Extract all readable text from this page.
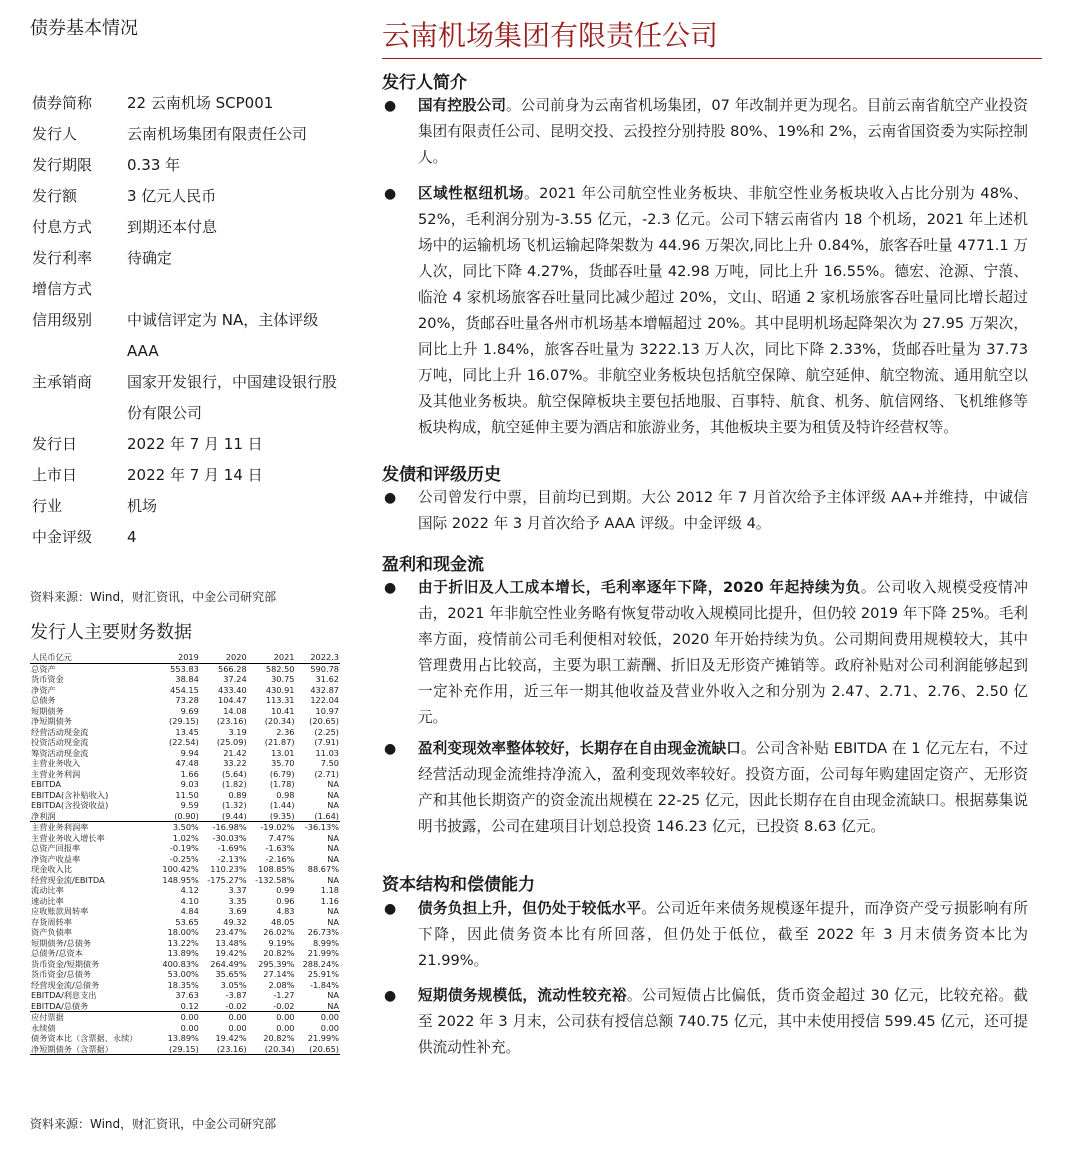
债券基本情况
债券简称	22 云南机场 SCP001
发行人	云南机场集团有限责任公司
发行期限	0.33 年
发行额	3 亿元人民币
付息方式	到期还本付息
发行利率	待确定
增信方式	
信用级别	中诚信评定为 NA，主体评级 AAA
主承销商	国家开发银行，中国建设银行股份有限公司
发行日	2022 年 7 月 11 日
上市日	2022 年 7 月 14 日
行业	机场
中金评级	4
资料来源：Wind，财汇资讯，中金公司研究部
发行人主要财务数据
人民币亿元	2019	2020	2021	2022.3
总资产	553.83	566.28	582.50	590.78
货币资金	38.84	37.24	30.75	31.62
净资产	454.15	433.40	430.91	432.87
总债务	73.28	104.47	113.31	122.04
短期债务	9.69	14.08	10.41	10.97
净短期债务	(29.15)	(23.16)	(20.34)	(20.65)
经营活动现金流	13.45	3.19	2.36	(2.25)
投资活动现金流	(22.54)	(25.09)	(21.87)	(7.91)
筹资活动现金流	9.94	21.42	13.01	11.03
主营业务收入	47.48	33.22	35.70	7.50
主营业务利润	1.66	(5.64)	(6.79)	(2.71)
EBITDA	9.03	(1.82)	(1.78)	NA
EBITDA(含补贴收入)	11.50	0.89	0.98	NA
EBITDA(含投资收益)	9.59	(1.32)	(1.44)	NA
净利润	(0.90)	(9.44)	(9.35)	(1.64)
主营业务利润率	3.50%	-16.98%	-19.02%	-36.13%
主营业务收入增长率	1.02%	-30.03%	7.47%	NA
总资产回报率	-0.19%	-1.69%	-1.63%	NA
净资产收益率	-0.25%	-2.13%	-2.16%	NA
现金收入比	100.42%	110.23%	108.85%	88.67%
经营现金流/EBITDA	148.95%	-175.27%	-132.58%	NA
流动比率	4.12	3.37	0.99	1.18
速动比率	4.10	3.35	0.96	1.16
应收账款周转率	4.84	3.69	4.83	NA
存货周转率	53.65	49.32	48.05	NA
资产负债率	18.00%	23.47%	26.02%	26.73%
短期债务/总债务	13.22%	13.48%	9.19%	8.99%
总债务/总资本	13.89%	19.42%	20.82%	21.99%
货币资金/短期债务	400.83%	264.49%	295.39%	288.24%
货币资金/总债务	53.00%	35.65%	27.14%	25.91%
经营现金流/总债务	18.35%	3.05%	2.08%	-1.84%
EBITDA/利息支出	37.63	-3.87	-1.27	NA
EBITDA/总债务	0.12	-0.02	-0.02	NA
应付票据	0.00	0.00	0.00	0.00
永续债	0.00	0.00	0.00	0.00
债务资本比（含票据、永续）	13.89%	19.42%	20.82%	21.99%
净短期债务（含票据）	(29.15)	(23.16)	(20.34)	(20.65)
资料来源：Wind，财汇资讯，中金公司研究部
云南机场集团有限责任公司
发行人简介
● 国有控股公司。公司前身为云南省机场集团，07 年改制并更为现名。目前云南省航空产业投资集团有限责任公司、昆明交投、云投控分别持股 80%、19%和 2%，云南省国资委为实际控制人。
● 区域性枢纽机场。2021 年公司航空性业务板块、非航空性业务板块收入占比分别为 48%、52%，毛利润分别为-3.55 亿元，-2.3 亿元。公司下辖云南省内 18 个机场，2021 年上述机场中的运输机场飞机运输起降架数为 44.96 万架次,同比上升 0.84%，旅客吞吐量 4771.1 万人次，同比下降 4.27%，货邮吞吐量 42.98 万吨，同比上升 16.55%。德宏、沧源、宁蒗、临沧 4 家机场旅客吞吐量同比减少超过 20%，文山、昭通 2 家机场旅客吞吐量同比增长超过 20%，货邮吞吐量各州市机场基本增幅超过 20%。其中昆明机场起降架次为 27.95 万架次，同比上升 1.84%，旅客吞吐量为 3222.13 万人次，同比下降 2.33%，货邮吞吐量为 37.73 万吨，同比上升 16.07%。非航空业务板块包括航空保障、航空延伸、航空物流、通用航空以及其他业务板块。航空保障板块主要包括地服、百事特、航食、机务、航信网络、飞机维修等板块构成，航空延伸主要为酒店和旅游业务，其他板块主要为租赁及特许经营权等。
发债和评级历史
● 公司曾发行中票，目前均已到期。大公 2012 年 7 月首次给予主体评级 AA+并维持，中诚信国际 2022 年 3 月首次给予 AAA 评级。中金评级 4。
盈利和现金流
● 由于折旧及人工成本增长，毛利率逐年下降，2020 年起持续为负。公司收入规模受疫情冲击，2021 年非航空性业务略有恢复带动收入规模同比提升，但仍较 2019 年下降 25%。毛利率方面，疫情前公司毛利便相对较低，2020 年开始持续为负。公司期间费用规模较大，其中管理费用占比较高，主要为职工薪酬、折旧及无形资产摊销等。政府补贴对公司利润能够起到一定补充作用，近三年一期其他收益及营业外收入之和分别为 2.47、2.71、2.76、2.50 亿元。
● 盈利变现效率整体较好，长期存在自由现金流缺口。公司含补贴 EBITDA 在 1 亿元左右，不过经营活动现金流维持净流入，盈利变现效率较好。投资方面，公司每年购建固定资产、无形资产和其他长期资产的资金流出规模在 22-25 亿元，因此长期存在自由现金流缺口。根据募集说明书披露，公司在建项目计划总投资 146.23 亿元，已投资 8.63 亿元。
资本结构和偿债能力
● 债务负担上升，但仍处于较低水平。公司近年来债务规模逐年提升，而净资产受亏损影响有所下降，因此债务资本比有所回落，但仍处于低位，截至 2022 年 3 月末债务资本比为 21.99%。
● 短期债务规模低，流动性较充裕。公司短债占比偏低，货币资金超过 30 亿元，比较充裕。截至 2022 年 3 月末，公司获有授信总额 740.75 亿元，其中未使用授信 599.45 亿元，还可提供流动性补充。
